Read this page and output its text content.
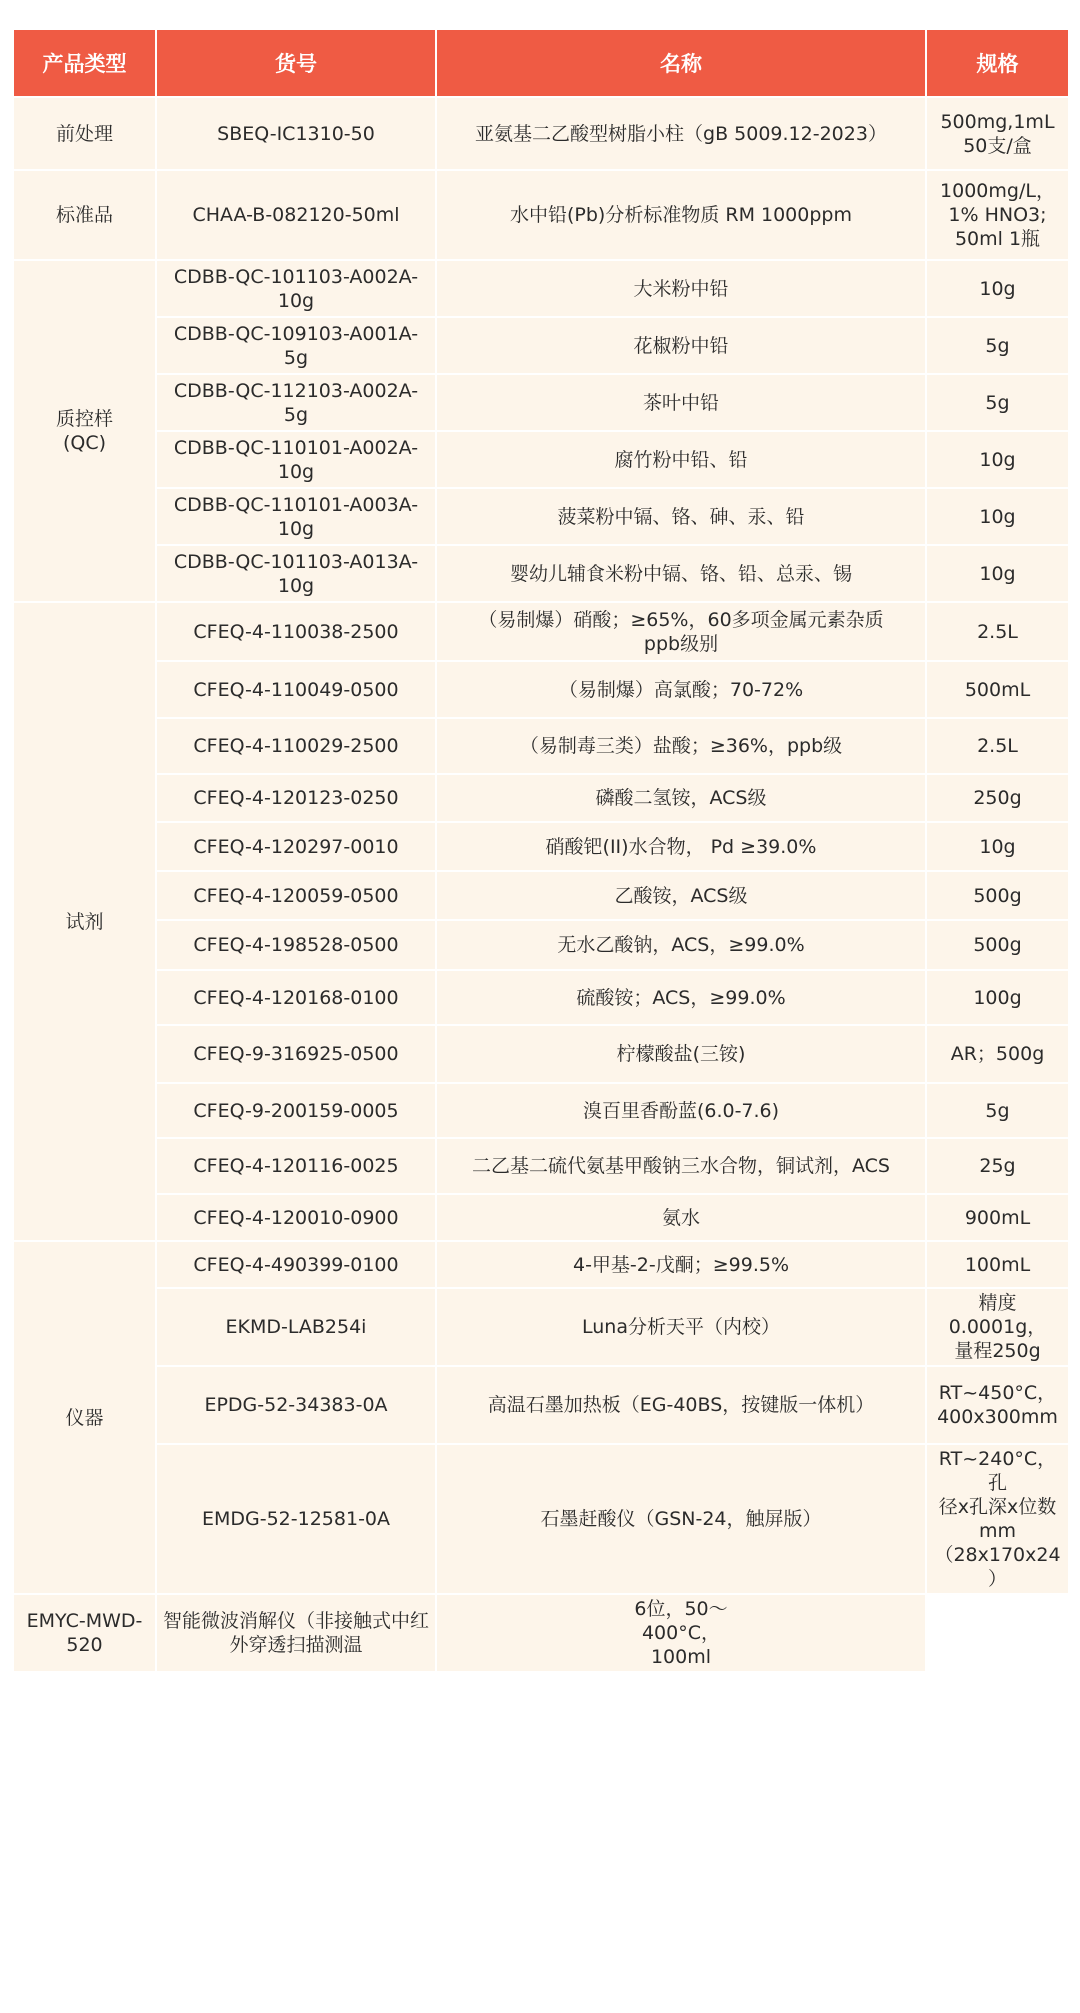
产品类型	货号	名称	规格

前处理	SBEQ-IC1310-50	亚氨基二乙酸型树脂小柱（gB 5009.12-2023）	500mg,1mL
50支/盒

标准品	CHAA-B-082120-50ml	水中铅(Pb)分析标准物质 RM 1000ppm	1000mg/L，
1% HNO3;
50ml 1瓶

质控样
(QC)	CDBB-QC-101103-A002A-
10g	大米粉中铅	10g

	CDBB-QC-109103-A001A-
5g	花椒粉中铅	5g

	CDBB-QC-112103-A002A-
5g	茶叶中铅	5g

	CDBB-QC-110101-A002A-
10g	腐竹粉中铅、铅	10g

	CDBB-QC-110101-A003A-
10g	菠菜粉中镉、铬、砷、汞、铅	10g

	CDBB-QC-101103-A013A-
10g	婴幼儿辅食米粉中镉、铬、铅、总汞、锡	10g

试剂	CFEQ-4-110038-2500	（易制爆）硝酸；≥65%，60多项金属元素杂质
ppb级别	2.5L

	CFEQ-4-110049-0500	（易制爆）高氯酸；70-72%	500mL

	CFEQ-4-110029-2500	（易制毒三类）盐酸；≥36%，ppb级	2.5L

	CFEQ-4-120123-0250	磷酸二氢铵，ACS级	250g

	CFEQ-4-120297-0010	硝酸钯(II)水合物， Pd ≥39.0%	10g

	CFEQ-4-120059-0500	乙酸铵，ACS级	500g

	CFEQ-4-198528-0500	无水乙酸钠，ACS，≥99.0%	500g

	CFEQ-4-120168-0100	硫酸铵；ACS，≥99.0%	100g

	CFEQ-9-316925-0500	柠檬酸盐(三铵)	AR；500g

	CFEQ-9-200159-0005	溴百里香酚蓝(6.0-7.6)	5g

	CFEQ-4-120116-0025	二乙基二硫代氨基甲酸钠三水合物，铜试剂，ACS	25g

	CFEQ-4-120010-0900	氨水	900mL

仪器	CFEQ-4-490399-0100	4-甲基-2-戊酮；≥99.5%	100mL

	EKMD-LAB254i	Luna分析天平（内校）	精度0.0001g，
量程250g

	EPDG-52-34383-0A	高温石墨加热板（EG-40BS，按键版一体机）	RT~450°C，
400x300mm

	EMDG-52-12581-0A	石墨赶酸仪（GSN-24，触屏版）	RT~240°C，孔
径x孔深x位数
mm
（28x170x24）

EMYC-MWD-520	智能微波消解仪（非接触式中红外穿透扫描测温	6位，50～
400°C，
100ml	
